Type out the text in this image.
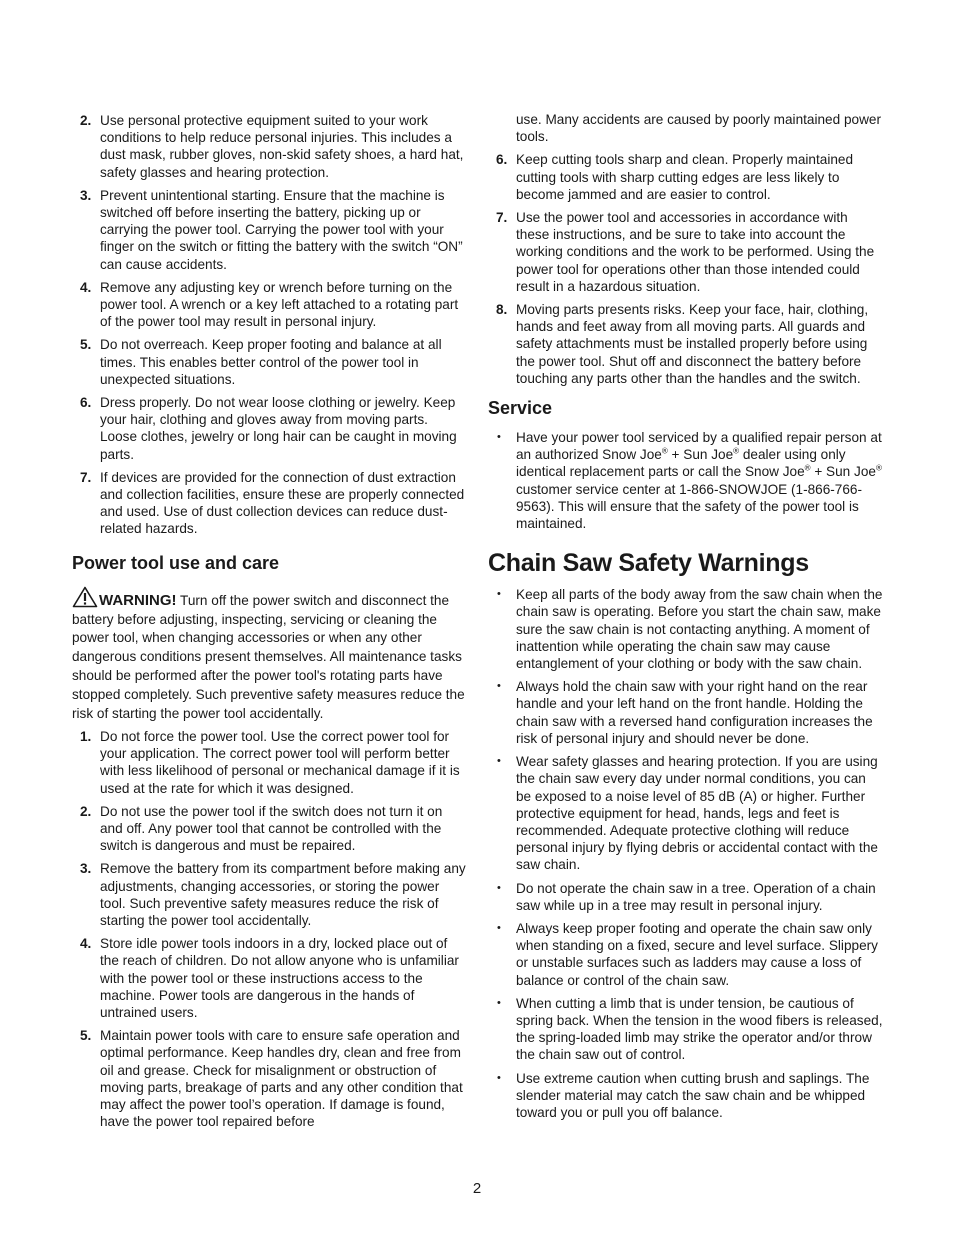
2. Use personal protective equipment suited to your work conditions to help reduce personal injuries. This includes a dust mask, rubber gloves, non-skid safety shoes, a hard hat, safety glasses and hearing protection.
3. Prevent unintentional starting. Ensure that the machine is switched off before inserting the battery, picking up or carrying the power tool. Carrying the power tool with your finger on the switch or fitting the battery with the switch “ON” can cause accidents.
4. Remove any adjusting key or wrench before turning on the power tool. A wrench or a key left attached to a rotating part of the power tool may result in personal injury.
5. Do not overreach. Keep proper footing and balance at all times. This enables better control of the power tool in unexpected situations.
6. Dress properly. Do not wear loose clothing or jewelry. Keep your hair, clothing and gloves away from moving parts. Loose clothes, jewelry or long hair can be caught in moving parts.
7. If devices are provided for the connection of dust extraction and collection facilities, ensure these are properly connected and used. Use of dust collection devices can reduce dust-related hazards.
Power tool use and care

WARNING! Turn off the power switch and disconnect the battery before adjusting, inspecting, servicing or cleaning the power tool, when changing accessories or when any other dangerous conditions present themselves. All maintenance tasks should be performed after the power tool's rotating parts have stopped completely. Such preventive safety measures reduce the risk of starting the power tool accidentally.

1. Do not force the power tool. Use the correct power tool for your application. The correct power tool will perform better with less likelihood of personal or mechanical damage if it is used at the rate for which it was designed.
2. Do not use the power tool if the switch does not turn it on and off. Any power tool that cannot be controlled with the switch is dangerous and must be repaired.
3. Remove the battery from its compartment before making any adjustments, changing accessories, or storing the power tool. Such preventive safety measures reduce the risk of starting the power tool accidentally.
4. Store idle power tools indoors in a dry, locked place out of the reach of children. Do not allow anyone who is unfamiliar with the power tool or these instructions access to the machine. Power tools are dangerous in the hands of untrained users.
5. Maintain power tools with care to ensure safe operation and optimal performance. Keep handles dry, clean and free from oil and grease. Check for misalignment or obstruction of moving parts, breakage of parts and any other condition that may affect the power tool’s operation. If damage is found, have the power tool repaired before
use. Many accidents are caused by poorly maintained power tools.
6. Keep cutting tools sharp and clean. Properly maintained cutting tools with sharp cutting edges are less likely to become jammed and are easier to control.
7. Use the power tool and accessories in accordance with these instructions, and be sure to take into account the working conditions and the work to be performed. Using the power tool for operations other than those intended could result in a hazardous situation.
8. Moving parts presents risks. Keep your face, hair, clothing, hands and feet away from all moving parts. All guards and safety attachments must be installed properly before using the power tool. Shut off and disconnect the battery before touching any parts other than the handles and the switch.
Service
• Have your power tool serviced by a qualified repair person at an authorized Snow Joe® + Sun Joe® dealer using only identical replacement parts or call the Snow Joe® + Sun Joe® customer service center at 1-866-SNOWJOE (1-866-766-9563). This will ensure that the safety of the power tool is maintained.
Chain Saw Safety Warnings
• Keep all parts of the body away from the saw chain when the chain saw is operating. Before you start the chain saw, make sure the saw chain is not contacting anything. A moment of inattention while operating the chain saw may cause entanglement of your clothing or body with the saw chain.
• Always hold the chain saw with your right hand on the rear handle and your left hand on the front handle. Holding the chain saw with a reversed hand configuration increases the risk of personal injury and should never be done.
• Wear safety glasses and hearing protection. If you are using the chain saw every day under normal conditions, you can be exposed to a noise level of 85 dB (A) or higher. Further protective equipment for head, hands, legs and feet is recommended. Adequate protective clothing will reduce personal injury by flying debris or accidental contact with the saw chain.
• Do not operate the chain saw in a tree. Operation of a chain saw while up in a tree may result in personal injury.
• Always keep proper footing and operate the chain saw only when standing on a fixed, secure and level surface. Slippery or unstable surfaces such as ladders may cause a loss of balance or control of the chain saw.
• When cutting a limb that is under tension, be cautious of spring back. When the tension in the wood fibers is released, the spring-loaded limb may strike the operator and/or throw the chain saw out of control.
• Use extreme caution when cutting brush and saplings. The slender material may catch the saw chain and be whipped toward you or pull you off balance.
2
